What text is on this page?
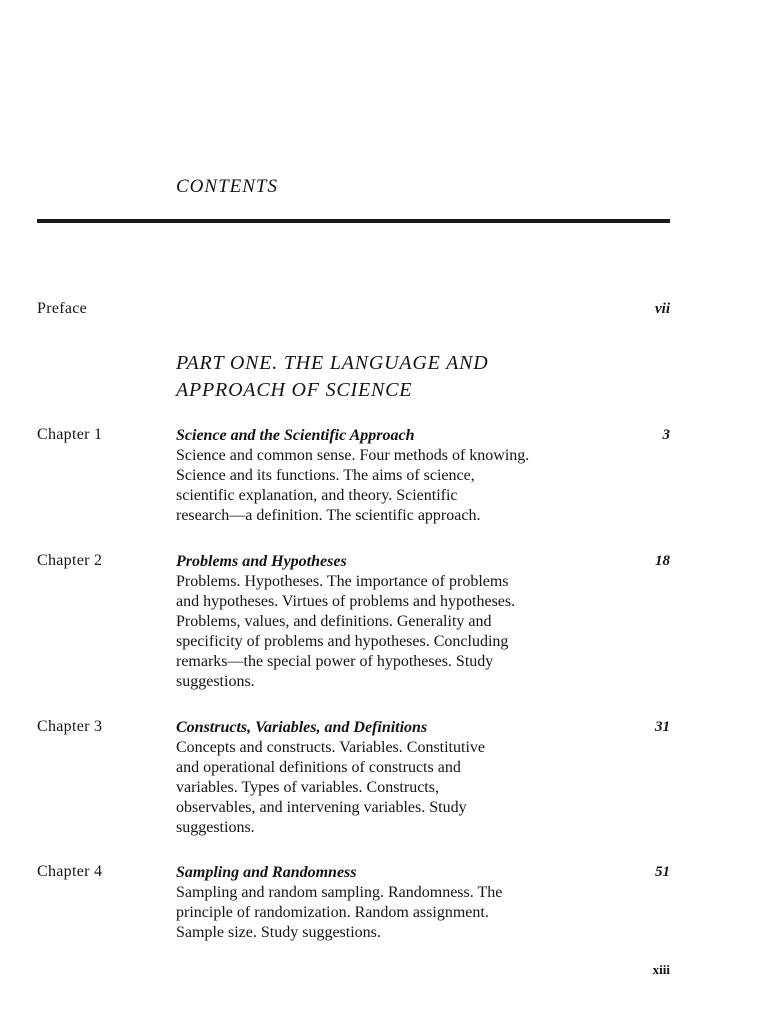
CONTENTS
Preface	vii
PART ONE. THE LANGUAGE AND
APPROACH OF SCIENCE
Chapter 1	3
Science and the Scientific Approach
Science and common sense. Four methods of knowing.
Science and its functions. The aims of science,
scientific explanation, and theory. Scientific
research—a definition. The scientific approach.
Chapter 2	18
Problems and Hypotheses
Problems. Hypotheses. The importance of problems
and hypotheses. Virtues of problems and hypotheses.
Problems, values, and definitions. Generality and
specificity of problems and hypotheses. Concluding
remarks—the special power of hypotheses. Study
suggestions.
Chapter 3	31
Constructs, Variables, and Definitions
Concepts and constructs. Variables. Constitutive
and operational definitions of constructs and
variables. Types of variables. Constructs,
observables, and intervening variables. Study
suggestions.
Chapter 4	51
Sampling and Randomness
Sampling and random sampling. Randomness. The
principle of randomization. Random assignment.
Sample size. Study suggestions.
xiii
